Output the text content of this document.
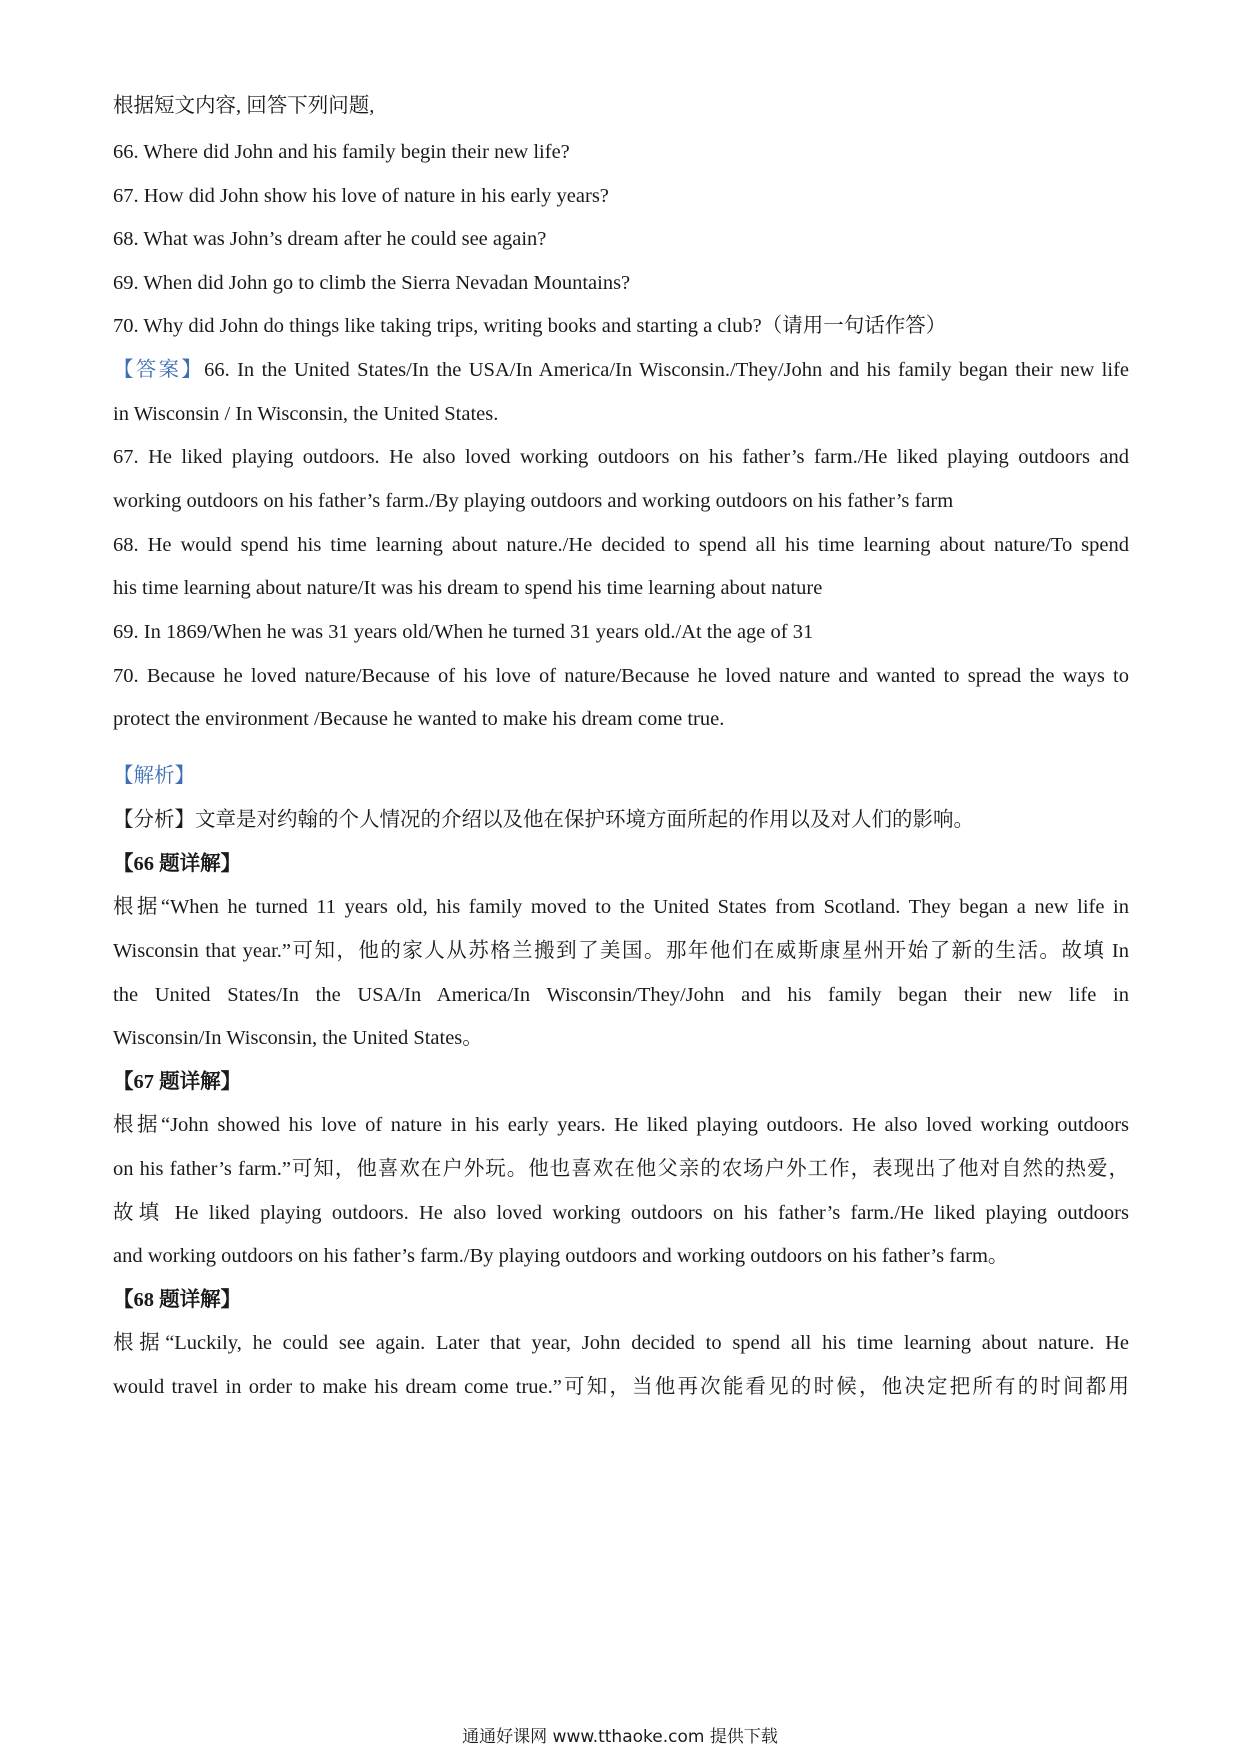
根据短文内容, 回答下列问题,
66. Where did John and his family begin their new life?
67. How did John show his love of nature in his early years?
68. What was John’s dream after he could see again?
69. When did John go to climb the Sierra Nevadan Mountains?
70. Why did John do things like taking trips, writing books and starting a club?（请用一句话作答）
【答案】66. In the United States/In the USA/In America/In Wisconsin./They/John and his family began their new life
in Wisconsin / In Wisconsin, the United States.
67. He liked playing outdoors. He also loved working outdoors on his father’s farm./He liked playing outdoors and
working outdoors on his father’s farm./By playing outdoors and working outdoors on his father’s farm
68. He would spend his time learning about nature./He decided to spend all his time learning about nature/To spend
his time learning about nature/It was his dream to spend his time learning about nature
69. In 1869/When he was 31 years old/When he turned 31 years old./At the age of 31
70. Because he loved nature/Because of his love of nature/Because he loved nature and wanted to spread the ways to
protect the environment /Because he wanted to make his dream come true.
【解析】
【分析】文章是对约翰的个人情况的介绍以及他在保护环境方面所起的作用以及对人们的影响。
【66 题详解】
根据“When he turned 11 years old, his family moved to the United States from Scotland. They began a new life in
Wisconsin that year.”可知，他的家人从苏格兰搬到了美国。那年他们在威斯康星州开始了新的生活。故填 In
the United States/In the USA/In America/In Wisconsin/They/John and his family began their new life in
Wisconsin/In Wisconsin, the United States。
【67 题详解】
根据“John showed his love of nature in his early years. He liked playing outdoors. He also loved working outdoors
on his father’s farm.”可知，他喜欢在户外玩。他也喜欢在他父亲的农场户外工作，表现出了他对自然的热爱，
故填 He liked playing outdoors. He also loved working outdoors on his father’s farm./He liked playing outdoors
and working outdoors on his father’s farm./By playing outdoors and working outdoors on his father’s farm。
【68 题详解】
根据“Luckily, he could see again. Later that year, John decided to spend all his time learning about nature. He
would travel in order to make his dream come true.”可知，当他再次能看见的时候，他决定把所有的时间都用
通通好课网 www.tthaoke.com 提供下载
